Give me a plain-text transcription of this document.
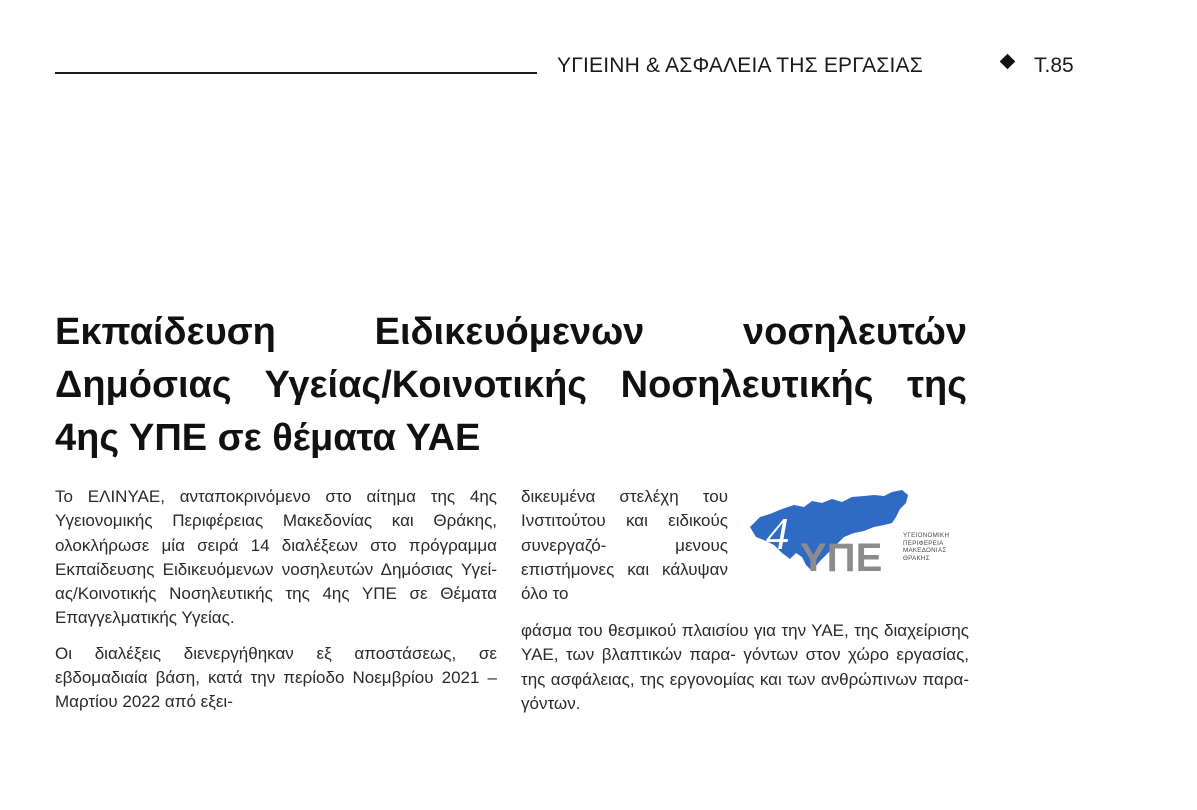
ΥΓΙΕΙΝΗ & ΑΣΦΑΛΕΙΑ ΤΗΣ ΕΡΓΑΣΙΑΣ	Τ.85
Εκπαίδευση Ειδικευόμενων νοσηλευτών Δημόσιας Υγείας/Κοινοτικής Νοσηλευτικής της 4ης ΥΠΕ σε θέματα ΥΑΕ

Το ΕΛΙΝΥΑΕ, ανταποκρινόμενο στο αίτημα της 4ης Υγειονομικής Περιφέρειας Μακεδονίας και Θράκης, ολοκλήρωσε μία σειρά 14 διαλέξεων στο πρόγραμμα Εκπαίδευσης Ειδικευόμενων νοσηλευτών Δημόσιας Υγείας/Κοινοτικής Νοσηλευτικής της 4ης ΥΠΕ σε Θέματα Επαγγελματικής Υγείας.

Οι διαλέξεις διενεργήθηκαν εξ αποστάσεως, σε εβδομαδιαία βάση, κατά την περίοδο Νοεμβρίου 2021 – Μαρτίου 2022 από εξει-

δικευμένα στελέχη του Ινστιτούτου και ειδικούς συνεργαζό- μενους επιστήμονες και κάλυψαν όλο το

4 ΥΠΕ
ΥΓΕΙΟΝΟΜΙΚΗ
ΠΕΡΙΦΕΡΕΙΑ
ΜΑΚΕΔΟΝΙΑΣ
ΘΡΑΚΗΣ

φάσμα του θεσμικού πλαισίου για την ΥΑΕ, της διαχείρισης ΥΑΕ, των βλαπτικών παρα- γόντων στον χώρο εργασίας, της ασφάλειας, της εργονομίας και των ανθρώπινων παρα- γόντων.
